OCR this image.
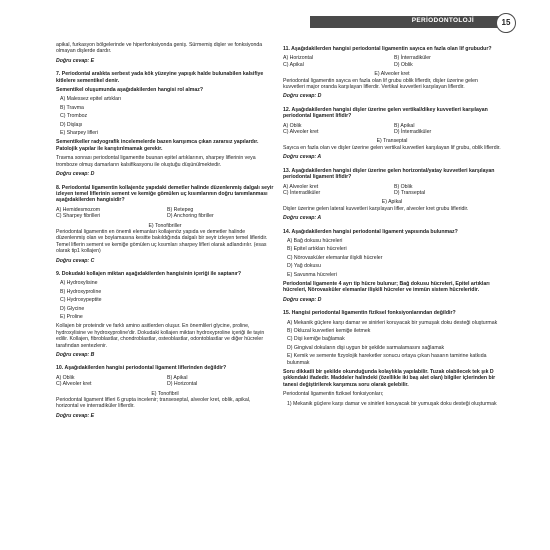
PERİODONTOLOJİ	15

apikal, furkasyon bölgelerinde ve hiperfonksiyonda geniş. Sürmemiş dişler ve fonksiyonda olmayan dişlerde dardır.

Doğru cevap: E

7. Periodontal aralıkta serbest yada kök yüzeyine yapışık halde bulunabilen kalsifiye kitlelere sementikel denir.

Sementikel oluşumunda aşağıdakilerden hangisi rol almaz?

A) Malessez epitel artıkları
B) Travma
C) Tromboz
D) Dişlaşı
E) Sharpey lifleri

Sementikeller radyografik incelemelerde bazen karışımca çıkan zararsız yapılardır. Patolojik yapılar ile karıştırılmamak gerekir.

Travma sonrası periodontal ligamentte buunan epitel artıklarının, sharpey liflerinin veya tromboze olmuş damarların kalsifikasyonu ile oluştuğu düşünülmektedir.

Doğru cevap: D

8. Periodontal ligamentin kollajenöz yapıdaki demetler halinde düzenlenmiş dalgalı seyir izleyen temel liflerinin sement ve kemiğe gömülen uç kısımlarının doğru tanımlanması aşağıdakilerden hangisidir?

A) Hemidesmozom	B) Retepeg
C) Sharpey fibrilleri	D) Anchoring fibriller
E) Tonofibriller

Periodontal ligamentin en önemli elemanları kollajenöz yapıda ve demetler halinde düzenlenmiş olan ve boylamasına kesitte bakıldığında dalgalı bir seyir izleyen temel lifleridir. Temel liflerin sement ve kemiğe gömülen uç kısımları sharpey lifleri olarak adlandırılır. (esas olarak tip1 kollajen)

Doğru cevap: C

9. Dokudaki kollajen miktarı aşağıdakilerden hangisinin içeriği ile saptanır?

A) Hydroxylisine
B) Hydroxyproline
C) Hydroxypeptite
D) Glycine
E) Proline

Kollajen bir proteindir ve farklı amino asitlerden oluşur. En önemlileri glycine, proline, hydroxylisine ve hydroxyproline'dir. Dokudaki kollajen miktarı hydroxyproline içeriği ile tayin edilir. Kollajen, fibroblastlar, chondroblastlar, osteoblastlar, odontoblastlar ve diğer hücreler tarafından sentezlenir.

Doğru cevap: B

10. Aşağıdakilerden hangisi periodontal ligament liflerinden değildir?

A) Oblik	B) Apikal
C) Alveoler kret	D) Horizontal
E) Tonofibril

Periodontal ligament lifleri 6 grupta incelenir; transeseptal, alveoler kret, oblik, apikal, horizontal ve interradiküler liflerdir.

Doğru cevap: E

11. Aşağıdakilerden hangisi periodontal ligamentin sayıca en fazla olan lif grubudur?

A) Horizontal	B) İnterradiküler
C) Apikal	D) Oblik
E) Alveoler kret

Periodontal ligamentin sayıca en fazla olan lif grubu oblik liflerdir, dişler üzerine gelen kuvvetleri major oranda karşılayan liflerdir. Vertikal kuvvetleri karşılayan liflerdir.

Doğru cevap: D

12. Aşağıdakilerden hangisi dişler üzerine gelen vertikal/dikey kuvvetleri karşılayan periodontal ligament lifidir?

A) Oblik	B) Apikal
C) Alveoler kret	D) İnterradiküler
E) Transeptal

Sayıca en fazla olan ve dişler üzerine gelen vertikal kuvvetleri karşılayan lif grubu, oblik liflerdir.

Doğru cevap: A

13. Aşağıdakilerden hangisi dişler üzerine gelen horizontal/yatay kuvvetleri karşılayan periodontal ligament lifidir?

A) Alveoler kret	B) Oblik
C) İnterradiküler	D) Transeptal
E) Apikal

Dişler üzerine gelen lateral kuvvetleri karşılayan lifler, alveoler kret grubu lifleridir.

Doğru cevap: A

14. Aşağıdakilerden hangisi periodontal ligament yapısında bulunmaz?

A) Bağ dokusu hücreleri
B) Epitel artıkları hücreleri
C) Nörovasküler elemanlar ilişkili hücreler
D) Yağ dokusu
E) Savunma hücreleri

Periodontal ligamente 4 ayrı tip hücre bulunur; Bağ dokusu hücreleri, Epitel artıkları hücreleri, Nörovasküler elemanlar ilişkili hücreler ve immün sistem hücreleridir.

Doğru cevap: D

15. Hangisi periodontal ligamentin fiziksel fonksiyonlarından değildir?

A) Mekanik güçlere karşı damar ve sinirleri koruyacak bir yumuşak doku desteği oluşturmak
B) Okluzal kuvvetleri kemiğe iletmek
C) Dişi kemiğe bağlamak
D) Gingival dokuların dişi uygun bir şekilde sarmalamasını sağlamak
E) Kemik ve semente fizyolojik hareketler sonucu ortaya çıkan hasarın tamirine katkıda bulunmak

Soru dikkatli bir şekilde okunduğunda kolaylıkla yapılabilir. Tuzak olabilecek tek şık D şıkkındaki ifadedir. Maddeler halindeki (özellikle iki baş alet olan) bilgiler içlerinden bir tanesi değiştirilerek karşımıza soru olarak gelebilir.

Periodontal ligamentin fiziksel fonksiyonları;

1) Mekanik güçlere karşı damar ve sinirleri koruyacak bir yumuşak doku desteği oluşturmak
